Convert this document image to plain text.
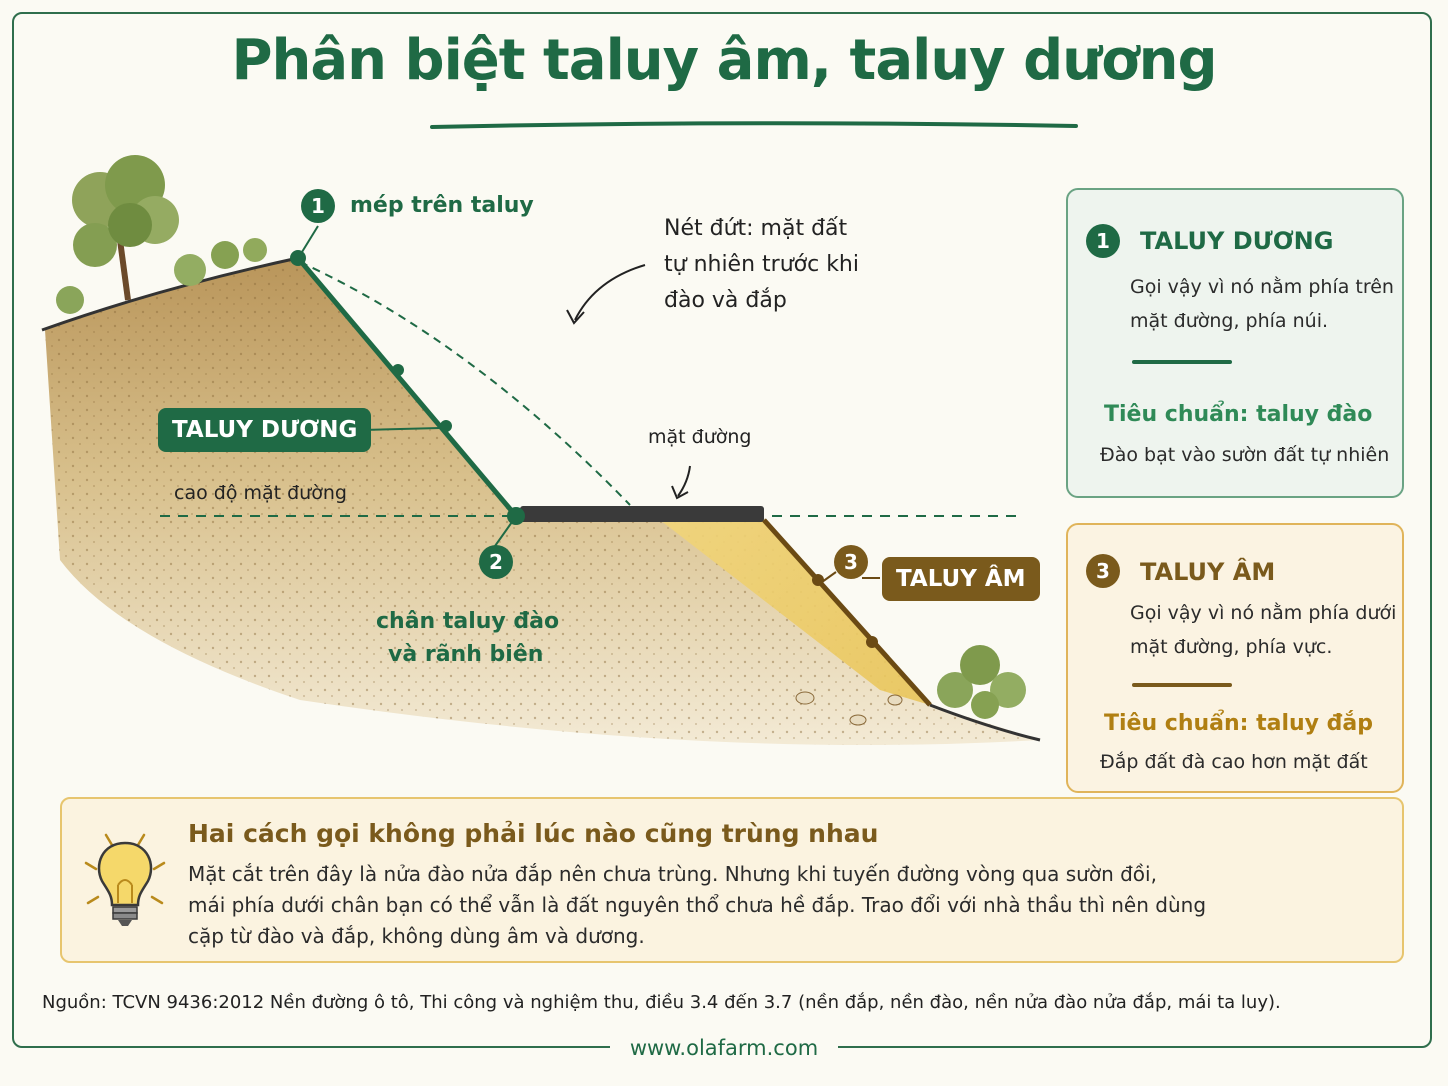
Phân biệt taluy âm, taluy dương
1	mép trên taluy
2
chân taluy đào
và rãnh biên
3
TALUY DƯƠNG
TALUY ÂM
cao độ mặt đường
mặt đường
Nét đứt: mặt đất
tự nhiên trước khi
đào và đắp
1	TALUY DƯƠNG
Gọi vậy vì nó nằm phía trên
mặt đường, phía núi.
Tiêu chuẩn: taluy đào
Đào bạt vào sườn đất tự nhiên
3	TALUY ÂM
Gọi vậy vì nó nằm phía dưới
mặt đường, phía vực.
Tiêu chuẩn: taluy đắp
Đắp đất đà cao hơn mặt đất
Hai cách gọi không phải lúc nào cũng trùng nhau
Mặt cắt trên đây là nửa đào nửa đắp nên chưa trùng. Nhưng khi tuyến đường vòng qua sườn đồi,
mái phía dưới chân bạn có thể vẫn là đất nguyên thổ chưa hề đắp. Trao đổi với nhà thầu thì nên dùng
cặp từ đào và đắp, không dùng âm và dương.
Nguồn: TCVN 9436:2012 Nền đường ô tô, Thi công và nghiệm thu, điều 3.4 đến 3.7 (nền đắp, nền đào, nền nửa đào nửa đắp, mái ta luy).
www.olafarm.com
